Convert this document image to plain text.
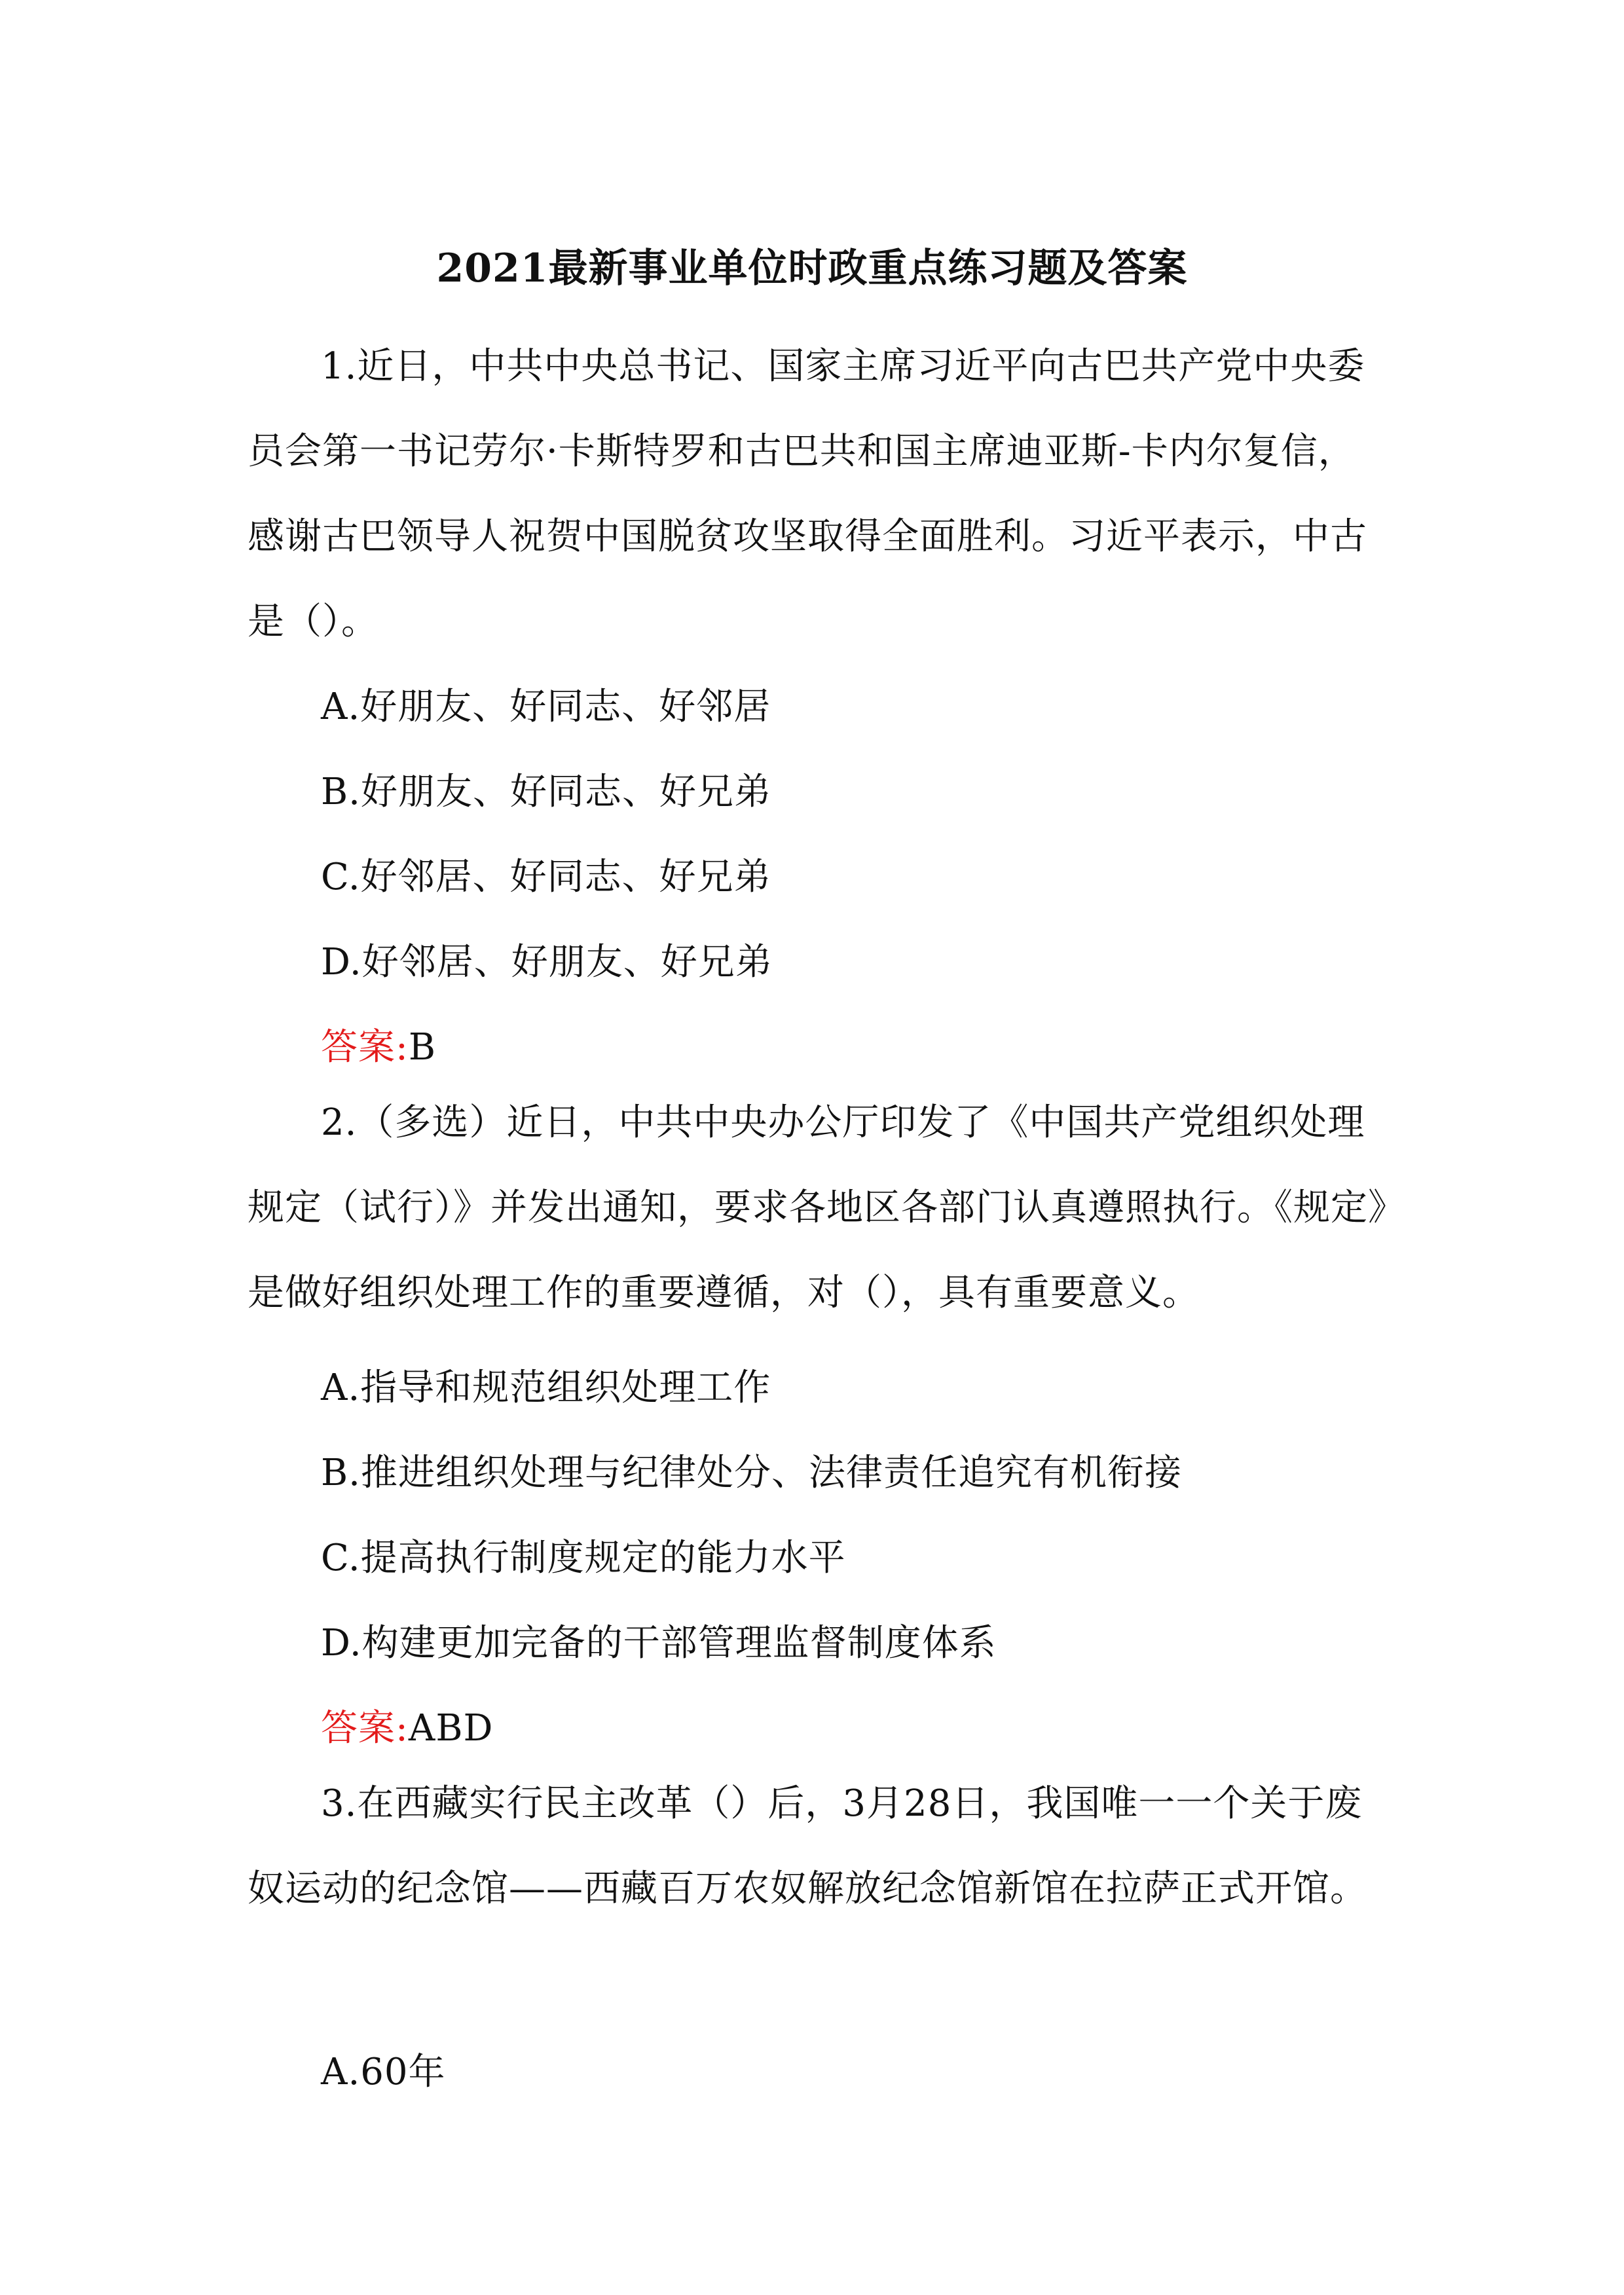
2021最新事业单位时政重点练习题及答案
1.近日，中共中央总书记、国家主席习近平向古巴共产党中央委员会第一书记劳尔·卡斯特罗和古巴共和国主席迪亚斯-卡内尔复信，感谢古巴领导人祝贺中国脱贫攻坚取得全面胜利。习近平表示，中古是（）。
A.好朋友、好同志、好邻居
B.好朋友、好同志、好兄弟
C.好邻居、好同志、好兄弟
D.好邻居、好朋友、好兄弟
答案:B
2.（多选）近日，中共中央办公厅印发了《中国共产党组织处理规定（试行）》并发出通知，要求各地区各部门认真遵照执行。《规定》是做好组织处理工作的重要遵循，对（），具有重要意义。
A.指导和规范组织处理工作
B.推进组织处理与纪律处分、法律责任追究有机衔接
C.提高执行制度规定的能力水平
D.构建更加完备的干部管理监督制度体系
答案:ABD
3.在西藏实行民主改革（）后，3月28日，我国唯一一个关于废奴运动的纪念馆——西藏百万农奴解放纪念馆新馆在拉萨正式开馆。
A.60年
